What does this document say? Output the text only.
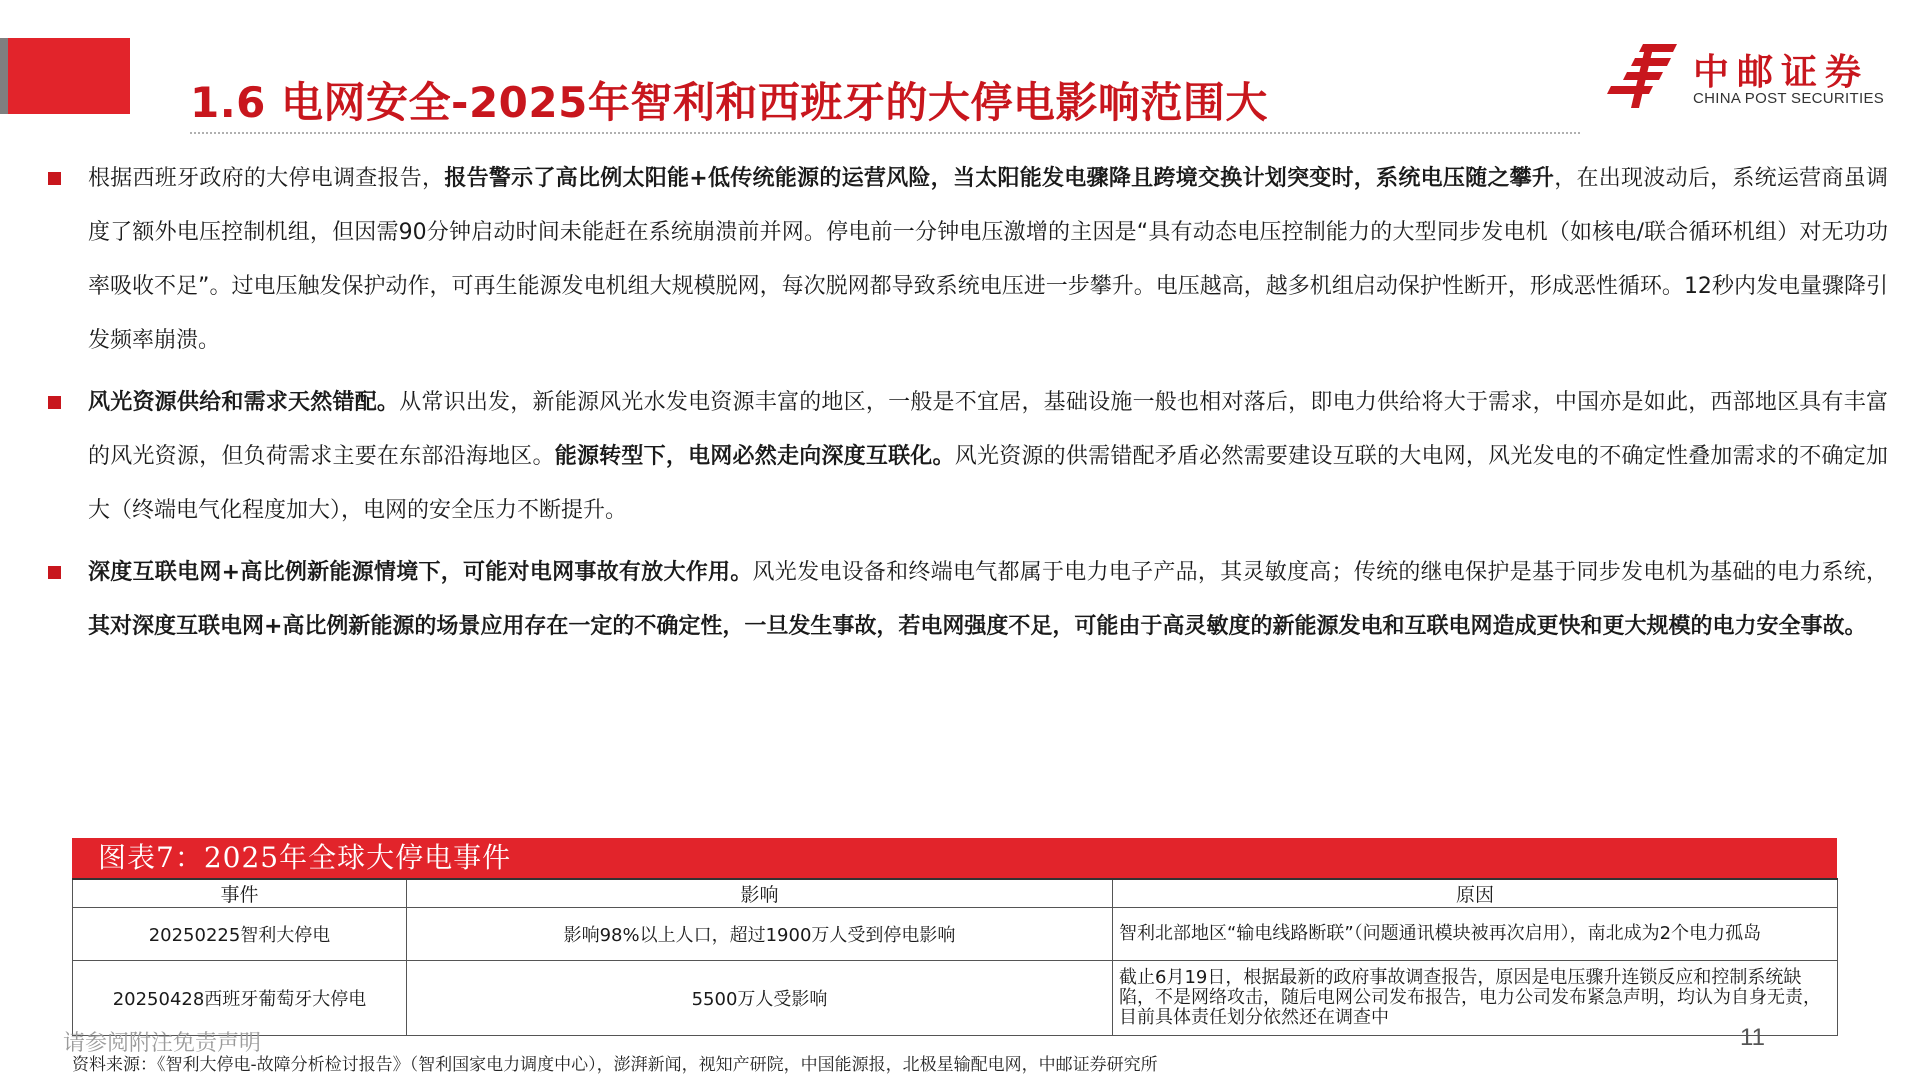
1.6 电网安全-2025年智利和西班牙的大停电影响范围大
中邮证券
CHINA POST SECURITIES
根据西班牙政府的大停电调查报告，报告警示了高比例太阳能+低传统能源的运营风险，当太阳能发电骤降且跨境交换计划突变时，系统电压随之攀升，在出现波动后，系统运营商虽调度了额外电压控制机组，但因需90分钟启动时间未能赶在系统崩溃前并网。停电前一分钟电压激增的主因是“具有动态电压控制能力的大型同步发电机（如核电/联合循环机组）对无功功率吸收不足”。过电压触发保护动作，可再生能源发电机组大规模脱网，每次脱网都导致系统电压进一步攀升。电压越高，越多机组启动保护性断开，形成恶性循环。12秒内发电量骤降引发频率崩溃。
风光资源供给和需求天然错配。从常识出发，新能源风光水发电资源丰富的地区，一般是不宜居，基础设施一般也相对落后，即电力供给将大于需求，中国亦是如此，西部地区具有丰富的风光资源，但负荷需求主要在东部沿海地区。能源转型下，电网必然走向深度互联化。风光资源的供需错配矛盾必然需要建设互联的大电网，风光发电的不确定性叠加需求的不确定加大（终端电气化程度加大），电网的安全压力不断提升。
深度互联电网+高比例新能源情境下，可能对电网事故有放大作用。风光发电设备和终端电气都属于电力电子产品，其灵敏度高；传统的继电保护是基于同步发电机为基础的电力系统，其对深度互联电网+高比例新能源的场景应用存在一定的不确定性，一旦发生事故，若电网强度不足，可能由于高灵敏度的新能源发电和互联电网造成更快和更大规模的电力安全事故。
图表7：2025年全球大停电事件
事件	影响	原因
20250225智利大停电	影响98%以上人口，超过1900万人受到停电影响	智利北部地区“输电线路断联”（问题通讯模块被再次启用），南北成为2个电力孤岛
20250428西班牙葡萄牙大停电	5500万人受影响	截止6月19日，根据最新的政府事故调查报告，原因是电压骤升连锁反应和控制系统缺陷，不是网络攻击，随后电网公司发布报告，电力公司发布紧急声明，均认为自身无责，目前具体责任划分依然还在调查中
请参阅附注免责声明
资料来源：《智利大停电-故障分析检讨报告》（智利国家电力调度中心），澎湃新闻，视知产研院，中国能源报，北极星输配电网，中邮证券研究所
11
